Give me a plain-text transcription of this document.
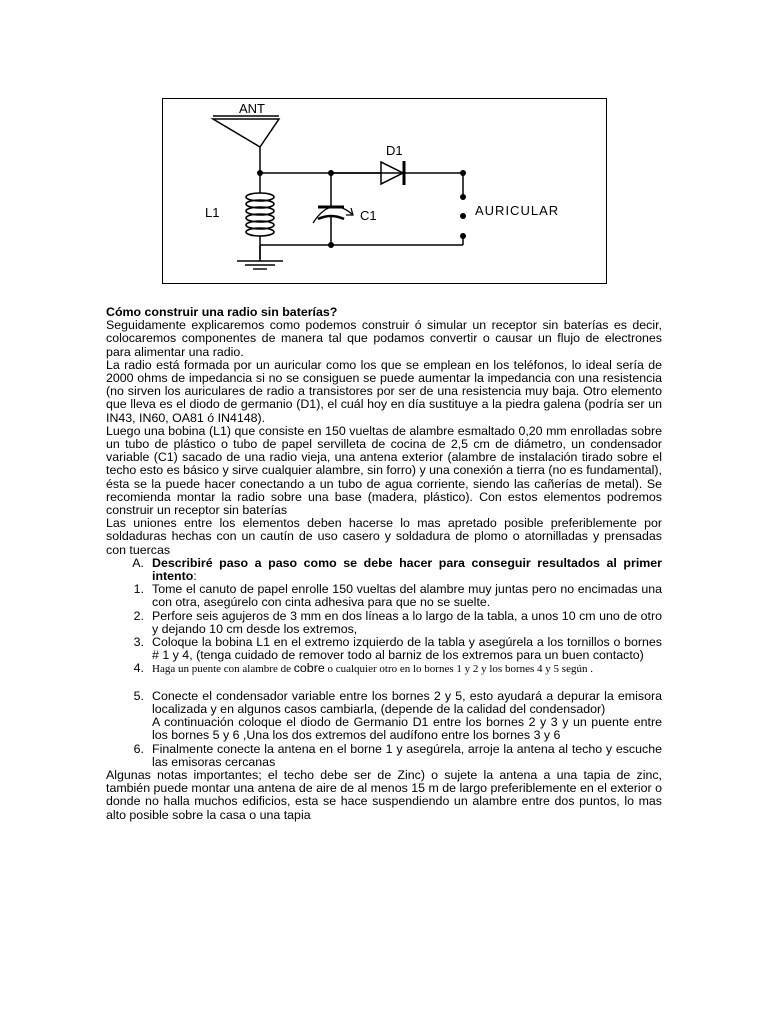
ANT
D1
L1	C1	AURICULAR

Cómo construir una radio sin baterías?

Seguidamente explicaremos como podemos construir ó simular un receptor sin baterías es decir, colocaremos componentes de manera tal que podamos convertir o causar un flujo de electrones para alimentar una radio.

La radio está formada por un auricular como los que se emplean en los teléfonos, lo ideal sería de 2000 ohms de impedancia si no se consiguen se puede aumentar la impedancia con una resistencia (no sirven los auriculares de radio a transistores por ser de una resistencia muy baja. Otro elemento que lleva es el diodo de germanio (D1), el cuál hoy en día sustituye a la piedra galena (podría ser un IN43, IN60, OA81 ó IN4148).

Luego una bobina (L1) que consiste en 150 vueltas de alambre esmaltado 0,20 mm enrolladas sobre un tubo de plástico o tubo de papel servilleta de cocina de 2,5 cm de diámetro, un condensador variable (C1) sacado de una radio vieja, una antena exterior (alambre de instalación tirado sobre el techo esto es básico y sirve cualquier alambre, sin forro) y una conexión a tierra (no es fundamental), ésta se la puede hacer conectando a un tubo de agua corriente, siendo las cañerías de metal). Se recomienda montar la radio sobre una base (madera, plástico). Con estos elementos podremos construir un receptor sin baterías

Las uniones entre los elementos deben hacerse lo mas apretado posible preferiblemente por soldaduras hechas con un cautín de uso casero y soldadura de plomo o atornilladas y prensadas con tuercas

A. Describiré paso a paso como se debe hacer para conseguir resultados al primer intento:
1. Tome el canuto de papel enrolle 150 vueltas del alambre muy juntas pero no encimadas una con otra, asegúrelo con cinta adhesiva para que no se suelte.
2. Perfore seis agujeros de 3 mm en dos líneas a lo largo de la tabla, a unos 10 cm uno de otro y dejando 10 cm desde los extremos,
3. Coloque la bobina L1 en el extremo izquierdo de la tabla y asegúrela a los tornillos o bornes # 1 y 4, (tenga cuidado de remover todo al barniz de los extremos para un buen contacto)
4. Haga un puente con alambre de cobre o cualquier otro en lo bornes 1 y 2 y los bornes 4 y 5 según .
5. Conecte el condensador variable entre los bornes 2 y 5, esto ayudará a depurar la emisora localizada y en algunos casos cambiarla, (depende de la calidad del condensador)
A continuación coloque el diodo de Germanio D1 entre los bornes 2 y 3 y un puente entre los bornes 5 y 6 ,Una los dos extremos del audífono entre los bornes 3 y 6
6. Finalmente conecte la antena en el borne 1 y asegúrela, arroje la antena al techo y escuche las emisoras cercanas

Algunas notas importantes; el techo debe ser de Zinc) o sujete la antena a una tapia de zinc, también puede montar una antena de aire de al menos 15 m de largo preferiblemente en el exterior o donde no halla muchos edificios, esta se hace suspendiendo un alambre entre dos puntos, lo mas alto posible sobre la casa o una tapia
